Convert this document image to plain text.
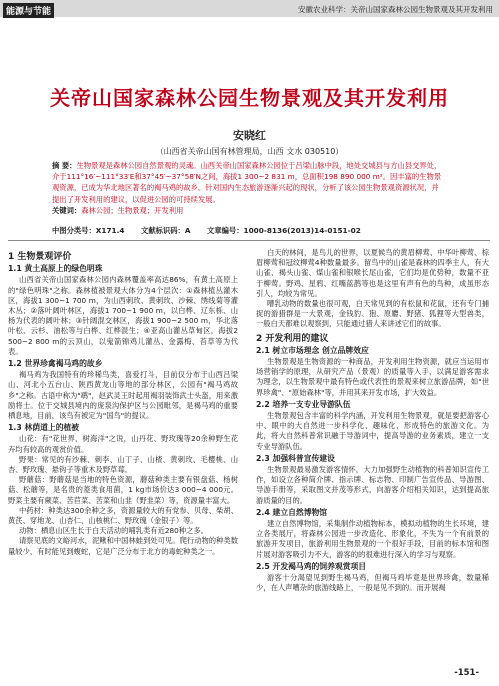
能源与节能	安徽农业科学：关帝山国家森林公园生物景观及其开发利用
关帝山国家森林公园生物景观及其开发利用
安晓红
（山西省关帝山国有林管理局，山西 文水 030510）
摘 要：生物景观是森林公园自然景观的灵魂。山西关帝山国家森林公园位于吕梁山脉中段，地处交城县与方山县交界处，介于111°16′~111°33′E和37°45′~37°58′N之间，海拔1 300~2 831 m，总面积198 890 000 m²。因丰富的生物景观资源，已成为华北地区著名的褐马鸡的故乡。针对国内生态旅游逐渐兴起的现状，分析了该公园生物景观资源状况，并提出了开发利用的建议，以促进公园的可持续发展。
关键词：森林公园；生物景观；开发利用
中图分类号：X171.4 文献标识码：A 文章编号：1000-8136(2013)14-0151-02
1 生物景观评价
1.1 黄土高原上的绿色明珠

山西省关帝山国家森林公园内森林覆盖率高达86%，有黄土高原上的"绿色明珠"之称。森林植被景观大体分为4个层次：①森林植丛灌木区，海拔1 300~1 700 m，为山西刺玫、黄刺玫、沙棘、绣线菊等灌木丛；②落叶阔叶林区，海拔1 700~1 900 m，以白桦、辽东栎、山杨为代表的阔叶林；③针阔混交林区，海拔1 900~2 500 m，华北落叶松、云杉、油松等与白桦、红桦混生；④亚高山灌丛草甸区，海拔2 500~2 800 m的云顶山，以鬼箭锦鸡儿灌丛、金露梅、苔草等为代表。

1.2 世界珍禽褐马鸡的故乡

褐马鸡为我国特有的珍稀鸟类，喜爱打斗，目前仅分布于山西吕梁山、河北小五台山、陕西黄龙山等地的部分林区，公园有"褐马鸡故乡"之称。古语中称为"鹖"，赵武灵王时起用褐羽装饰武士头盔，用来激励将士。位于交城县境内的庞泉沟保护区与公园毗邻，是褐马鸡的重要栖息地，目前，该鸟有被定为"国鸟"的提议。

1.3 林荫道上的植被

山花：有"花世界、树海洋"之说，山丹花、野玫瑰等20余种野生花卉均有较高的观赏价值。

野果：常见的有沙棘、刺李、山丁子、山楂、黄刺玫、毛樱桃、山杏、野玫瑰、悬钩子等重木及野草莓。

野蘑菇：野蘑菇是当地的特色资源，蘑菇种类主要有银盘菇、杨树菇、松蘑等，是名贵的菱类食用菌，1 kg市场价达3 000~4 000元。野菜主要有蕨菜、苦苣菜、苦菜和山韭（野韭菜）等，资源量丰富大。

中药材：种类达300余种之多，资源量较大的有党参、贝母、柴胡、黄芪、穿地龙、山杏仁、山核桃仁、野玫瑰（金银子）等。

动物：栖息山区生长于白天活动的哺乳类有近280种之多。

请察见底的文峪河水，泥鳅和中国林蛙到处可见。爬行动物的种类数量较少，有时能见到蝮蛇，它是广泛分布于北方的毒蛇种类之一。

白天的林间，是鸟儿的世界，以夏候鸟的黄眉柳莺、中华叶柳莺、棕眉柳莺和冠纹柳莺4种数量最多。留鸟中的山雀是森林的四季主人，有大山雀、褐头山雀、煤山雀和银喉长尾山雀，它们均是优势种，数量不亚于柳莺。野鸡、星鸦、红嘴蓝鹊等也是这里有声有色的鸟种，成虽形态引人，均较为常见。

嘈乳动物的数量也很可观，白天常见到的有松鼠和花鼠，还有专门捕捉的游猎群是一大景观，金钱豹、狍、原麝、野猪、狐狸等大型兽类，一般白天都难以观察到，只能通过猎人来讲述它们的故事。

2 开发利用的建议
2.1 树立市场理念 创立品牌效应

生物景观是生物资源的一种商品，开发利用生物资源，就应当运用市场营销学的原理，从研究产品（景观）的质量等入手，以满足游客需求为理念，以生物景观中最有特色或代表性的景观来树立旅游品牌，如"世界珍禽"、"原始森林"等，并用其来开发市场，扩大效益。

2.2 培养一支专业导游队伍

生物景观包含丰富的科学内涵，开发利用生物景观，就是要把游客心中、眼中的大自然进一步科学化、趣味化，形成特色的旅游文化。为此，将大自然科普常识融于导游词中，提高导游的业务素质，建立一支专业导游队伍。

2.3 加强科普宣传建设

生物景观最易激发游客情怀，大力加强野生动植物的科普知识宣传工作，如设立各种简介牌、指示牌、标志物、印制广告宣传品、导游图、导游手册等，采取图文并茂等形式，向游客介绍相关知识，达到提高旅游质量的目的。

2.4 建立自然博物馆

建立自然博物馆，采集制作动植物标本，模拟动植物的生长环境，建立各类展厅，将森林公园进一步改造化、形象化，不失为一个有前景的旅游开发项目，旅游利用生物景观的一个很好手段，目前的标本馆和图片展对游客吸引力不大，游客的的很难进行深入的学习与观察。

2.5 开发褐马鸡的饲养观赏项目

游客十分渴望见到野生褐马鸡，但褐马鸡毕竟是世界珍禽，数量稀少，在人声嘈杂的旅游线路上，一般是见不到的。而开展褐

-151-
